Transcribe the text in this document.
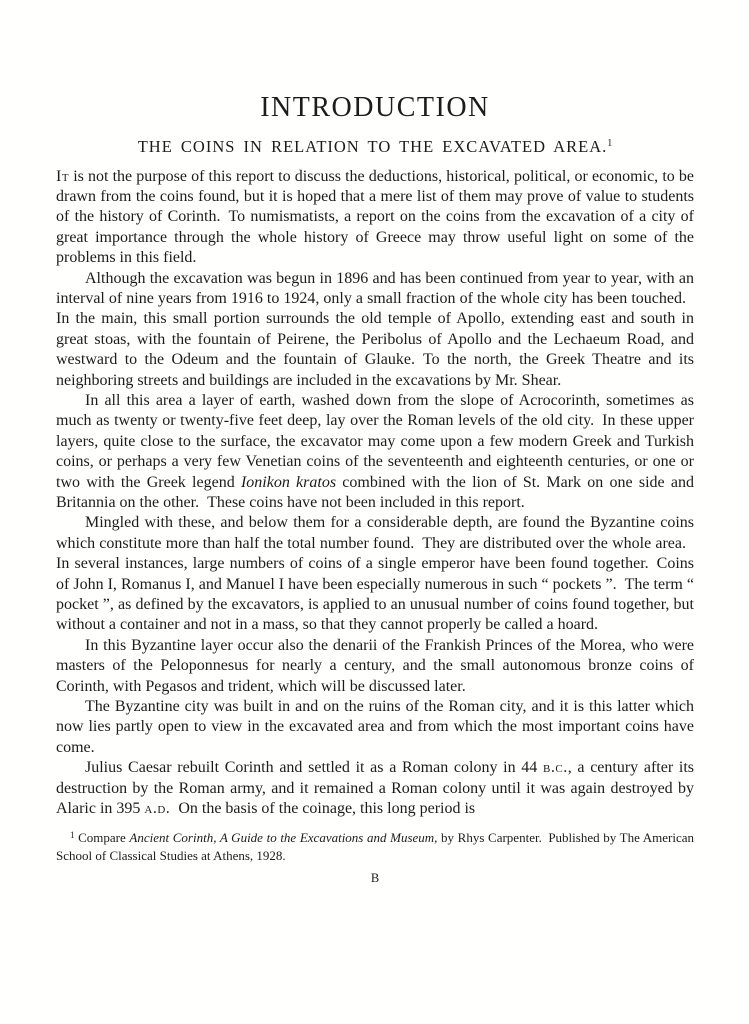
INTRODUCTION
THE COINS IN RELATION TO THE EXCAVATED AREA.$^1$

It is not the purpose of this report to discuss the deductions, historical, political, or economic, to be drawn from the coins found, but it is hoped that a mere list of them may prove of value to students of the history of Corinth. To numismatists, a report on the coins from the excavation of a city of great importance through the whole history of Greece may throw useful light on some of the problems in this field.

Although the excavation was begun in 1896 and has been continued from year to year, with an interval of nine years from 1916 to 1924, only a small fraction of the whole city has been touched. In the main, this small portion surrounds the old temple of Apollo, extending east and south in great stoas, with the fountain of Peirene, the Peribolus of Apollo and the Lechaeum Road, and westward to the Odeum and the fountain of Glauke. To the north, the Greek Theatre and its neighboring streets and buildings are included in the excavations by Mr. Shear.

In all this area a layer of earth, washed down from the slope of Acrocorinth, sometimes as much as twenty or twenty-five feet deep, lay over the Roman levels of the old city. In these upper layers, quite close to the surface, the excavator may come upon a few modern Greek and Turkish coins, or perhaps a very few Venetian coins of the seventeenth and eighteenth centuries, or one or two with the Greek legend Ionikon kratos combined with the lion of St. Mark on one side and Britannia on the other. These coins have not been included in this report.

Mingled with these, and below them for a considerable depth, are found the Byzantine coins which constitute more than half the total number found. They are distributed over the whole area. In several instances, large numbers of coins of a single emperor have been found together. Coins of John I, Romanus I, and Manuel I have been especially numerous in such “ pockets ”. The term “ pocket ”, as defined by the excavators, is applied to an unusual number of coins found together, but without a container and not in a mass, so that they cannot properly be called a hoard.

In this Byzantine layer occur also the denarii of the Frankish Princes of the Morea, who were masters of the Peloponnesus for nearly a century, and the small autonomous bronze coins of Corinth, with Pegasos and trident, which will be discussed later.

The Byzantine city was built in and on the ruins of the Roman city, and it is this latter which now lies partly open to view in the excavated area and from which the most important coins have come.

Julius Caesar rebuilt Corinth and settled it as a Roman colony in 44 b.c., a century after its destruction by the Roman army, and it remained a Roman colony until it was again destroyed by Alaric in 395 a.d. On the basis of the coinage, this long period is

$^1$ Compare Ancient Corinth, A Guide to the Excavations and Museum, by Rhys Carpenter. Published by The American School of Classical Studies at Athens, 1928.

B
